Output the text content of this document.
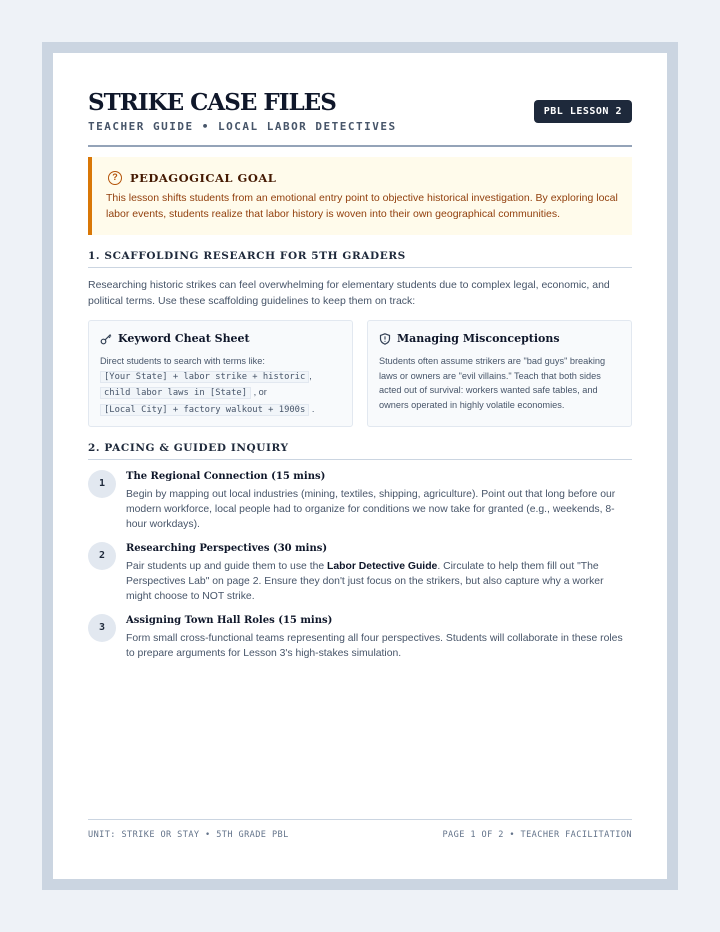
STRIKE CASE FILES
TEACHER GUIDE • LOCAL LABOR DETECTIVES
PBL LESSON 2
?	PEDAGOGICAL GOAL
This lesson shifts students from an emotional entry point to objective historical investigation. By exploring local labor events, students realize that labor history is woven into their own geographical communities.
1. SCAFFOLDING RESEARCH FOR 5TH GRADERS
Researching historic strikes can feel overwhelming for elementary students due to complex legal, economic, and political terms. Use these scaffolding guidelines to keep them on track:
Keyword Cheat Sheet
Direct students to search with terms like:
[Your State] + labor strike + historic ,
child labor laws in [State] , or
[Local City] + factory walkout + 1900s .
Managing Misconceptions
Students often assume strikers are "bad guys" breaking laws or owners are "evil villains." Teach that both sides acted out of survival: workers wanted safe tables, and owners operated in highly volatile economies.
2. PACING & GUIDED INQUIRY
1
The Regional Connection (15 mins)
Begin by mapping out local industries (mining, textiles, shipping, agriculture). Point out that long before our modern workforce, local people had to organize for conditions we now take for granted (e.g., weekends, 8-hour workdays).
2
Researching Perspectives (30 mins)
Pair students up and guide them to use the Labor Detective Guide. Circulate to help them fill out "The Perspectives Lab" on page 2. Ensure they don't just focus on the strikers, but also capture why a worker might choose to NOT strike.
3
Assigning Town Hall Roles (15 mins)
Form small cross-functional teams representing all four perspectives. Students will collaborate in these roles to prepare arguments for Lesson 3's high-stakes simulation.
UNIT: STRIKE OR STAY • 5TH GRADE PBL	PAGE 1 OF 2 • TEACHER FACILITATION
